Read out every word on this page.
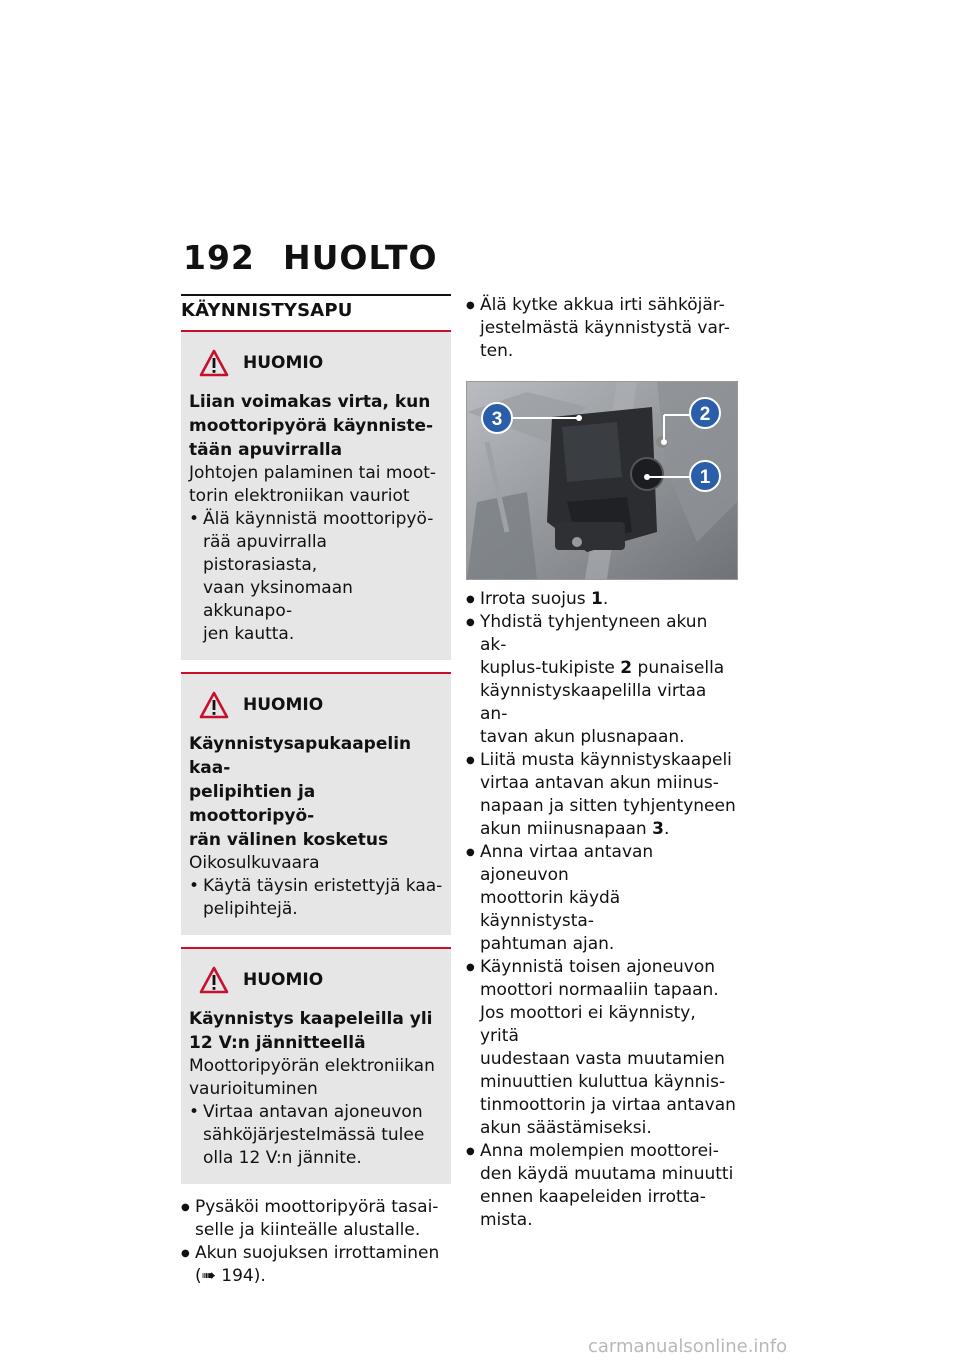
192 HUOLTO
KÄYNNISTYSAPU
HUOMIO
Liian voimakas virta, kun
moottoripyörä käynniste-
tään apuvirralla
Johtojen palaminen tai moot-
torin elektroniikan vauriot
• Älä käynnistä moottoripyö-
rää apuvirralla pistorasiasta,
vaan yksinomaan akkunapo-
jen kautta.
HUOMIO
Käynnistysapukaapelin kaa-
pelipihtien ja moottoripyö-
rän välinen kosketus
Oikosulkuvaara
• Käytä täysin eristettyjä kaa-
pelipihtejä.
HUOMIO
Käynnistys kaapeleilla yli
12 V:n jännitteellä
Moottoripyörän elektroniikan
vaurioituminen
• Virtaa antavan ajoneuvon
sähköjärjestelmässä tulee
olla 12 V:n jännite.
● Pysäköi moottoripyörä tasai-
selle ja kiinteälle alustalle.
● Akun suojuksen irrottaminen
(➠ 194).
● Älä kytke akkua irti sähköjär-
jestelmästä käynnistystä var-
ten.
3	2
1
● Irrota suojus 1.
● Yhdistä tyhjentyneen akun ak-
kuplus-tukipiste 2 punaisella
käynnistyskaapelilla virtaa an-
tavan akun plusnapaan.
● Liitä musta käynnistyskaapeli
virtaa antavan akun miinus-
napaan ja sitten tyhjentyneen
akun miinusnapaan 3.
● Anna virtaa antavan ajoneuvon
moottorin käydä käynnistysta-
pahtuman ajan.
● Käynnistä toisen ajoneuvon
moottori normaaliin tapaan.
Jos moottori ei käynnisty, yritä
uudestaan vasta muutamien
minuuttien kuluttua käynnis-
tinmoottorin ja virtaa antavan
akun säästämiseksi.
● Anna molempien moottorei-
den käydä muutama minuutti
ennen kaapeleiden irrotta-
mista.
carmanualsonline.info
